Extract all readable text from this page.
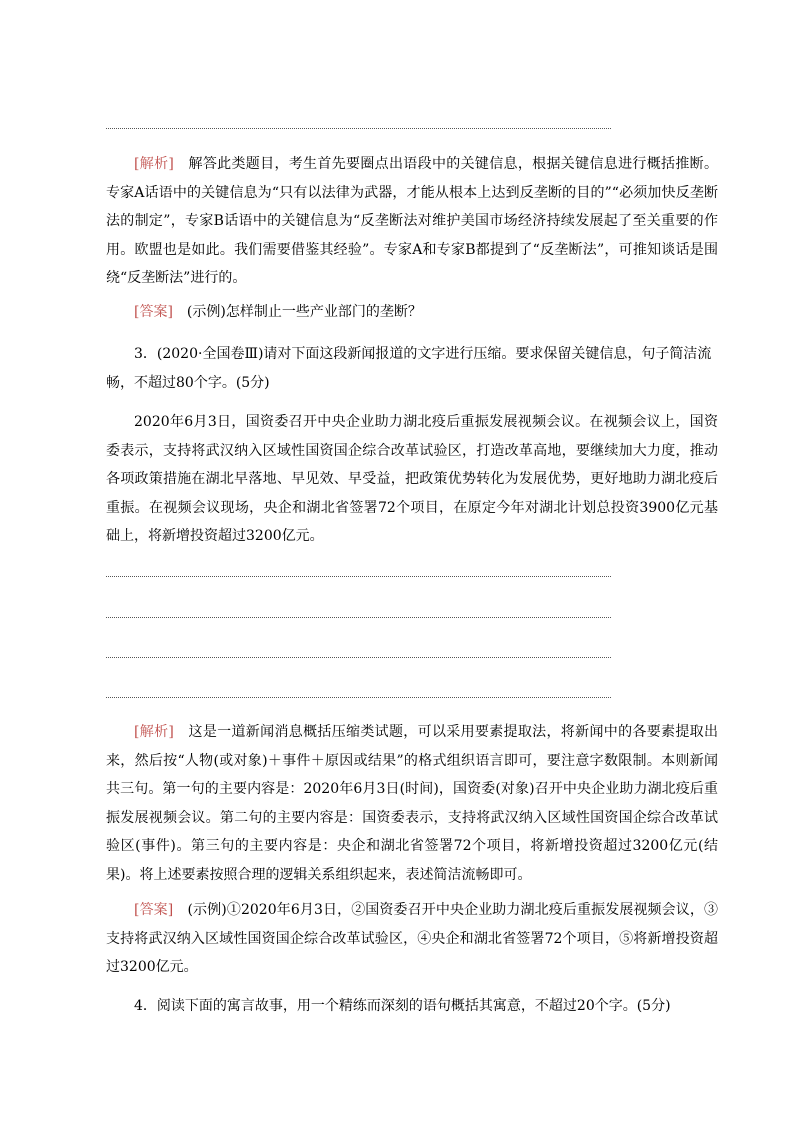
[解析]　解答此类题目，考生首先要圈点出语段中的关键信息，根据关键信息进行概括推断。专家A话语中的关键信息为“只有以法律为武器，才能从根本上达到反垄断的目的”“必须加快反垄断法的制定”，专家B话语中的关键信息为“反垄断法对维护美国市场经济持续发展起了至关重要的作用。欧盟也是如此。我们需要借鉴其经验”。专家A和专家B都提到了“反垄断法”，可推知谈话是围绕“反垄断法”进行的。
[答案]　(示例)怎样制止一些产业部门的垄断？
3．(2020·全国卷Ⅲ)请对下面这段新闻报道的文字进行压缩。要求保留关键信息，句子简洁流畅，不超过80个字。(5分)
2020年6月3日，国资委召开中央企业助力湖北疫后重振发展视频会议。在视频会议上，国资委表示，支持将武汉纳入区域性国资国企综合改革试验区，打造改革高地，要继续加大力度，推动各项政策措施在湖北早落地、早见效、早受益，把政策优势转化为发展优势，更好地助力湖北疫后重振。在视频会议现场，央企和湖北省签署72个项目，在原定今年对湖北计划总投资3900亿元基础上，将新增投资超过3200亿元。
[解析]　这是一道新闻消息概括压缩类试题，可以采用要素提取法，将新闻中的各要素提取出来，然后按“人物(或对象)＋事件＋原因或结果”的格式组织语言即可，要注意字数限制。本则新闻共三句。第一句的主要内容是：2020年6月3日(时间)，国资委(对象)召开中央企业助力湖北疫后重振发展视频会议。第二句的主要内容是：国资委表示，支持将武汉纳入区域性国资国企综合改革试验区(事件)。第三句的主要内容是：央企和湖北省签署72个项目，将新增投资超过3200亿元(结果)。将上述要素按照合理的逻辑关系组织起来，表述简洁流畅即可。
[答案]　(示例)①2020年6月3日，②国资委召开中央企业助力湖北疫后重振发展视频会议，③支持将武汉纳入区域性国资国企综合改革试验区，④央企和湖北省签署72个项目，⑤将新增投资超过3200亿元。
4．阅读下面的寓言故事，用一个精练而深刻的语句概括其寓意，不超过20个字。(5分)
